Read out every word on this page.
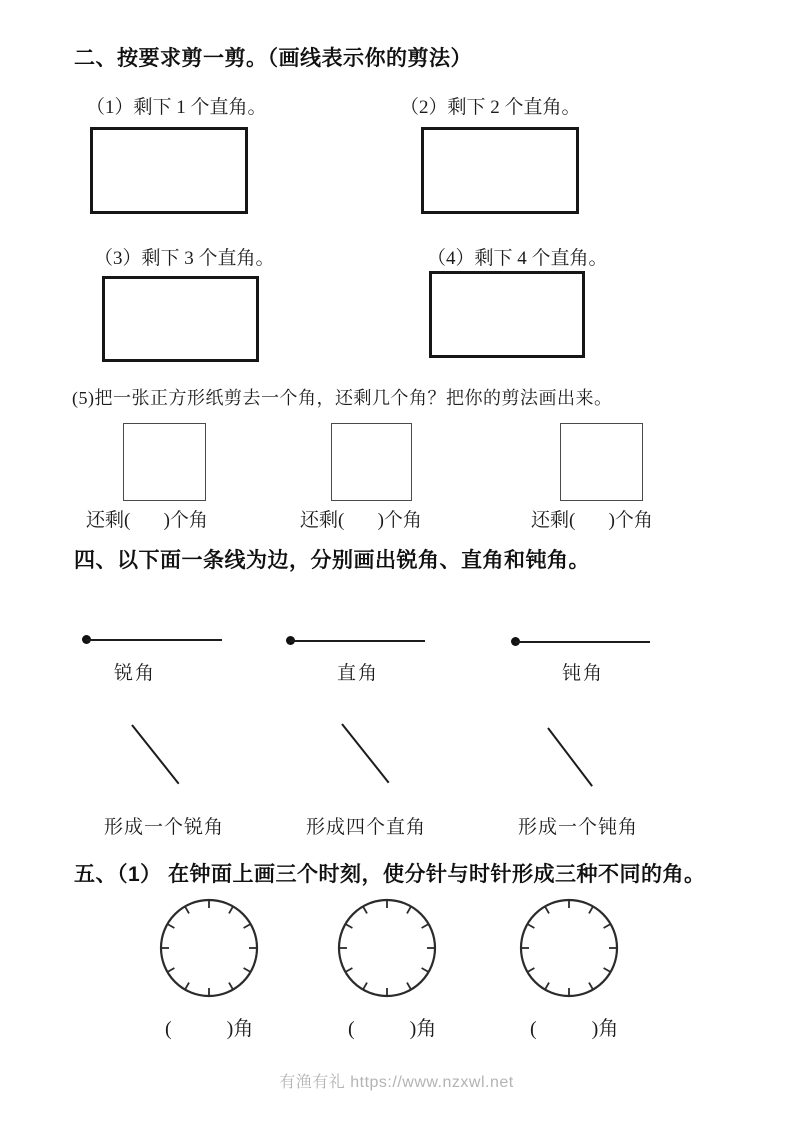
二、按要求剪一剪。（画线表示你的剪法）
（1）剩下 1 个直角。	（2）剩下 2 个直角。
（3）剩下 3 个直角。	（4）剩下 4 个直角。
(5)把一张正方形纸剪去一个角，还剩几个角？把你的剪法画出来。
还剩(       )个角	还剩(       )个角	还剩(       )个角
四、以下面一条线为边，分别画出锐角、直角和钝角。
锐角	直角	钝角
形成一个锐角	形成四个直角	形成一个钝角
五、（1） 在钟面上画三个时刻，使分针与时针形成三种不同的角。
(           )角	(           )角	(           )角
有渔有礼 https://www.nzxwl.net
